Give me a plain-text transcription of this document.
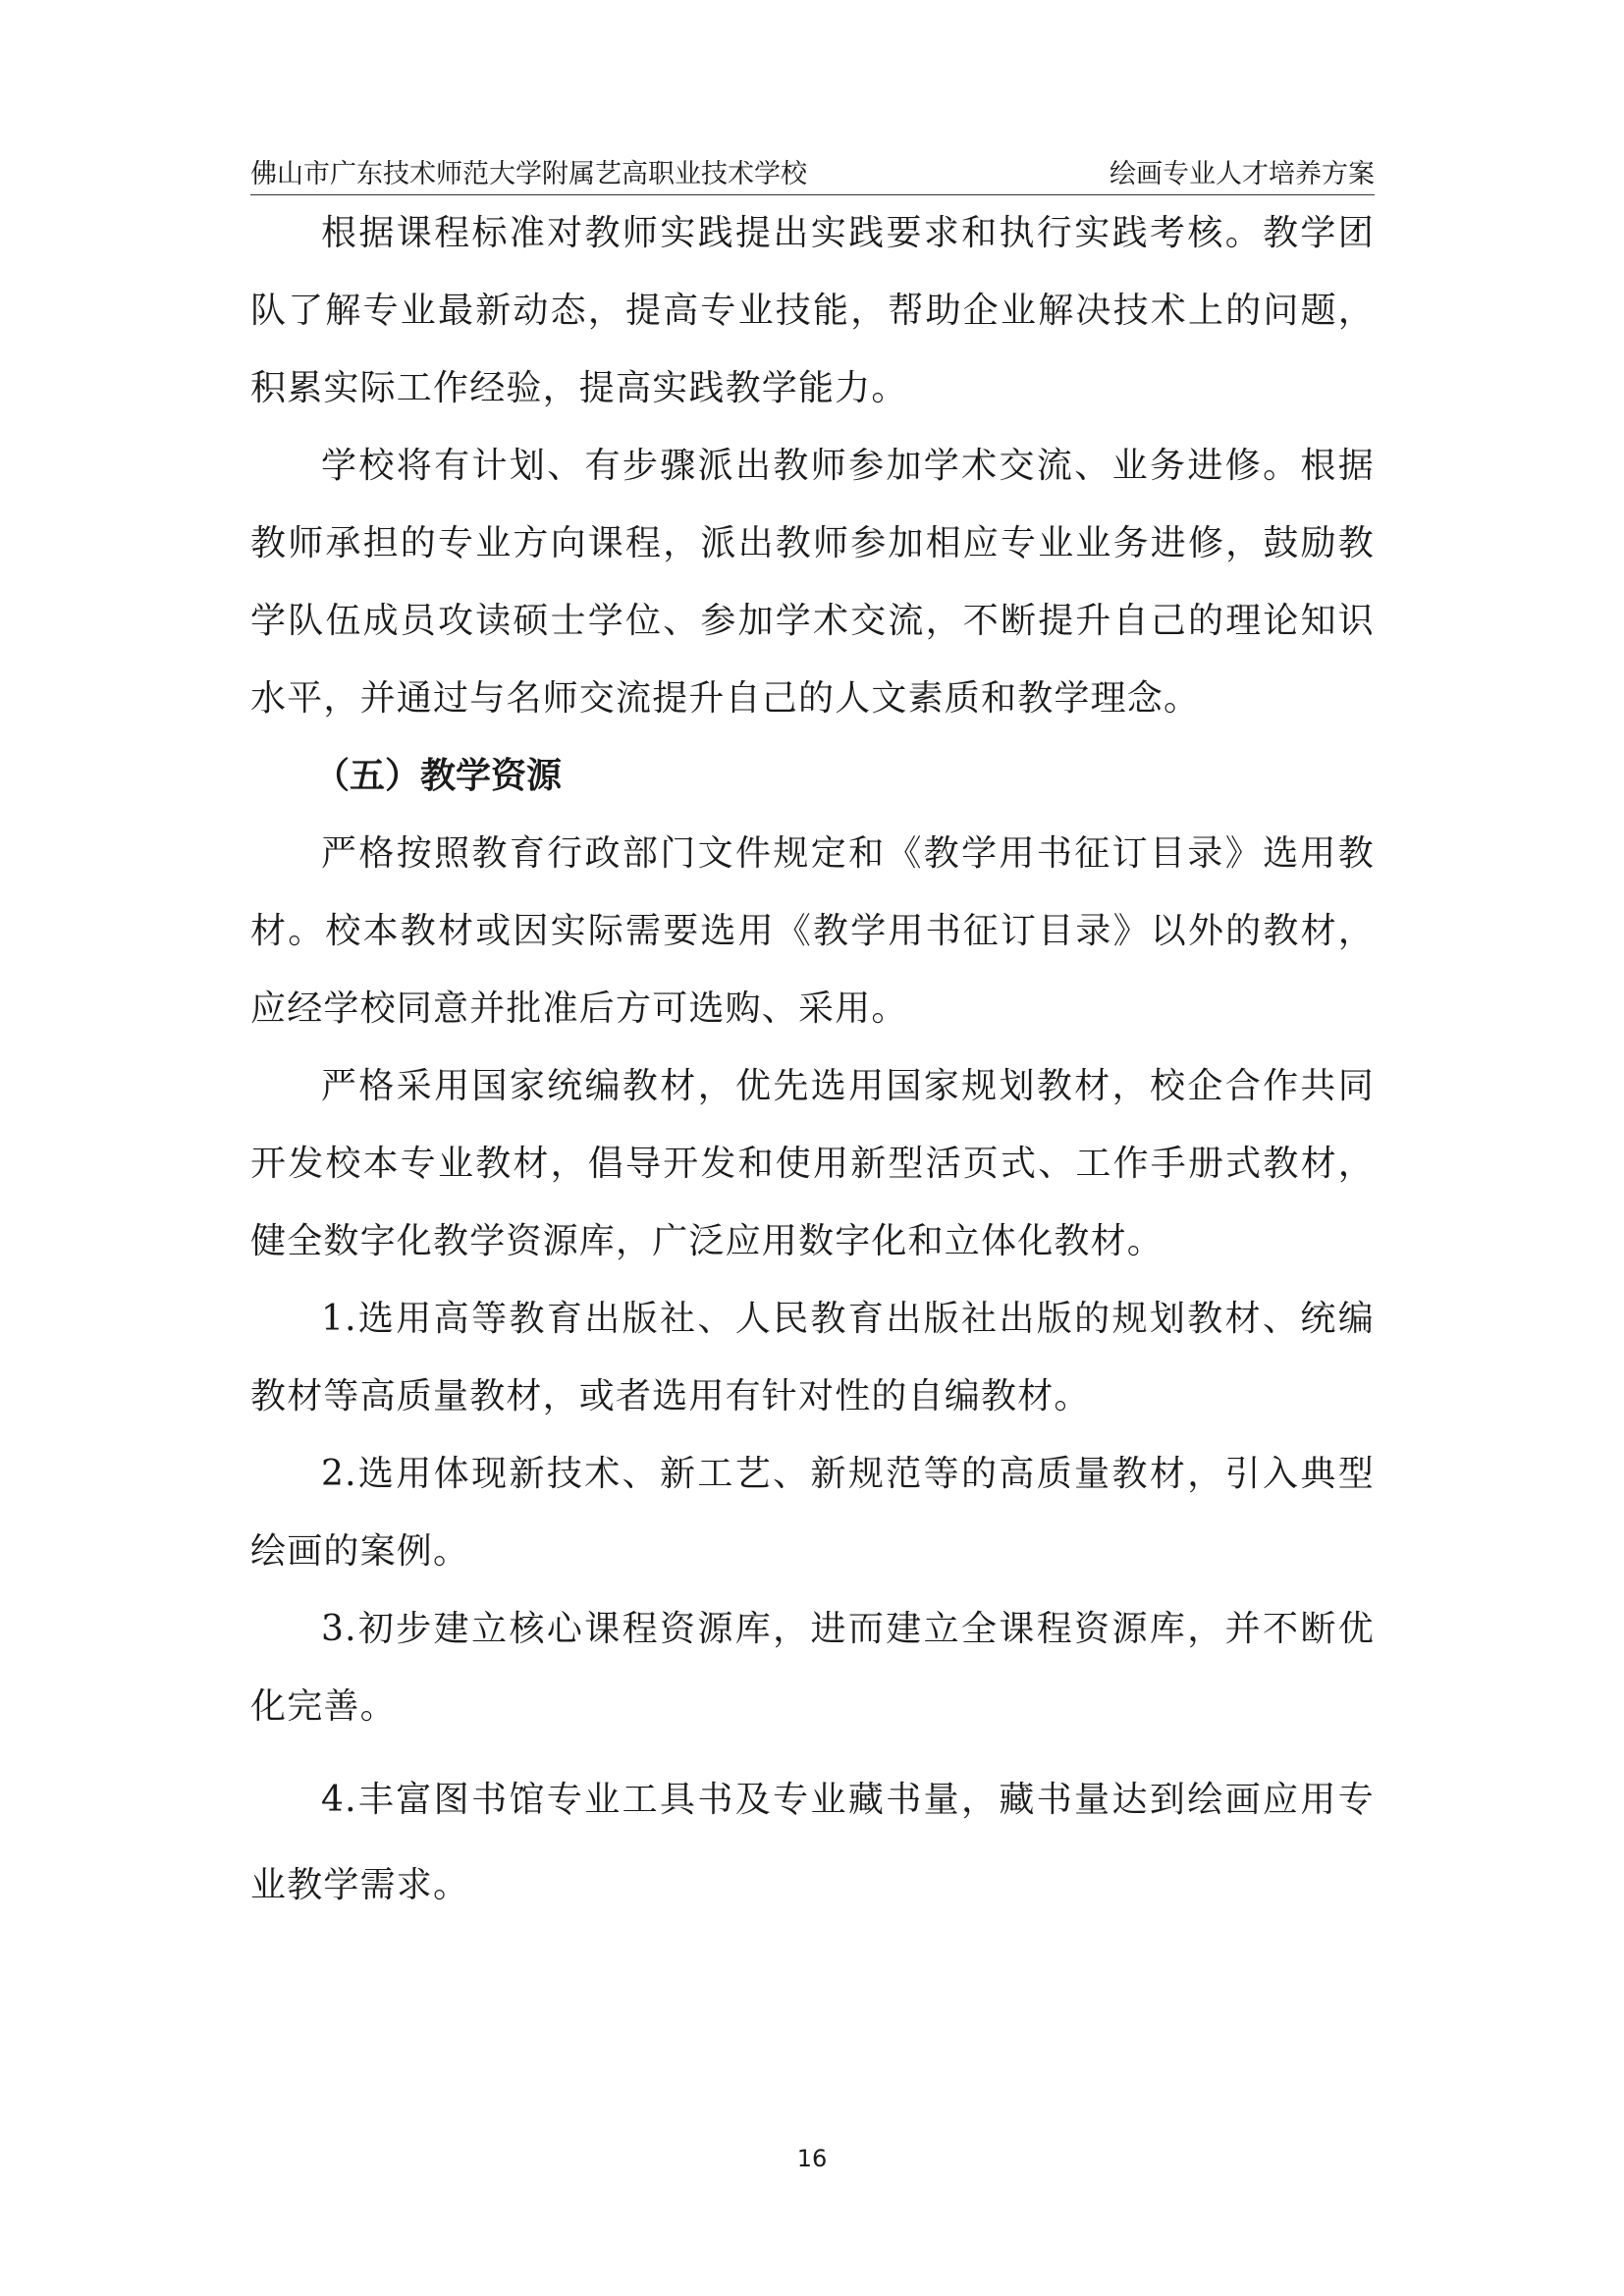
佛山市广东技术师范大学附属艺高职业技术学校	绘画专业人才培养方案

根据课程标准对教师实践提出实践要求和执行实践考核。教学团队了解专业最新动态，提高专业技能，帮助企业解决技术上的问题，积累实际工作经验，提高实践教学能力。

学校将有计划、有步骤派出教师参加学术交流、业务进修。根据教师承担的专业方向课程，派出教师参加相应专业业务进修，鼓励教学队伍成员攻读硕士学位、参加学术交流，不断提升自己的理论知识水平，并通过与名师交流提升自己的人文素质和教学理念。

（五）教学资源

严格按照教育行政部门文件规定和《教学用书征订目录》选用教材。校本教材或因实际需要选用《教学用书征订目录》以外的教材，应经学校同意并批准后方可选购、采用。

严格采用国家统编教材，优先选用国家规划教材，校企合作共同开发校本专业教材，倡导开发和使用新型活页式、工作手册式教材，健全数字化教学资源库，广泛应用数字化和立体化教材。

1.选用高等教育出版社、人民教育出版社出版的规划教材、统编教材等高质量教材，或者选用有针对性的自编教材。

2.选用体现新技术、新工艺、新规范等的高质量教材，引入典型绘画的案例。

3.初步建立核心课程资源库，进而建立全课程资源库，并不断优化完善。

4.丰富图书馆专业工具书及专业藏书量，藏书量达到绘画应用专业教学需求。

16
